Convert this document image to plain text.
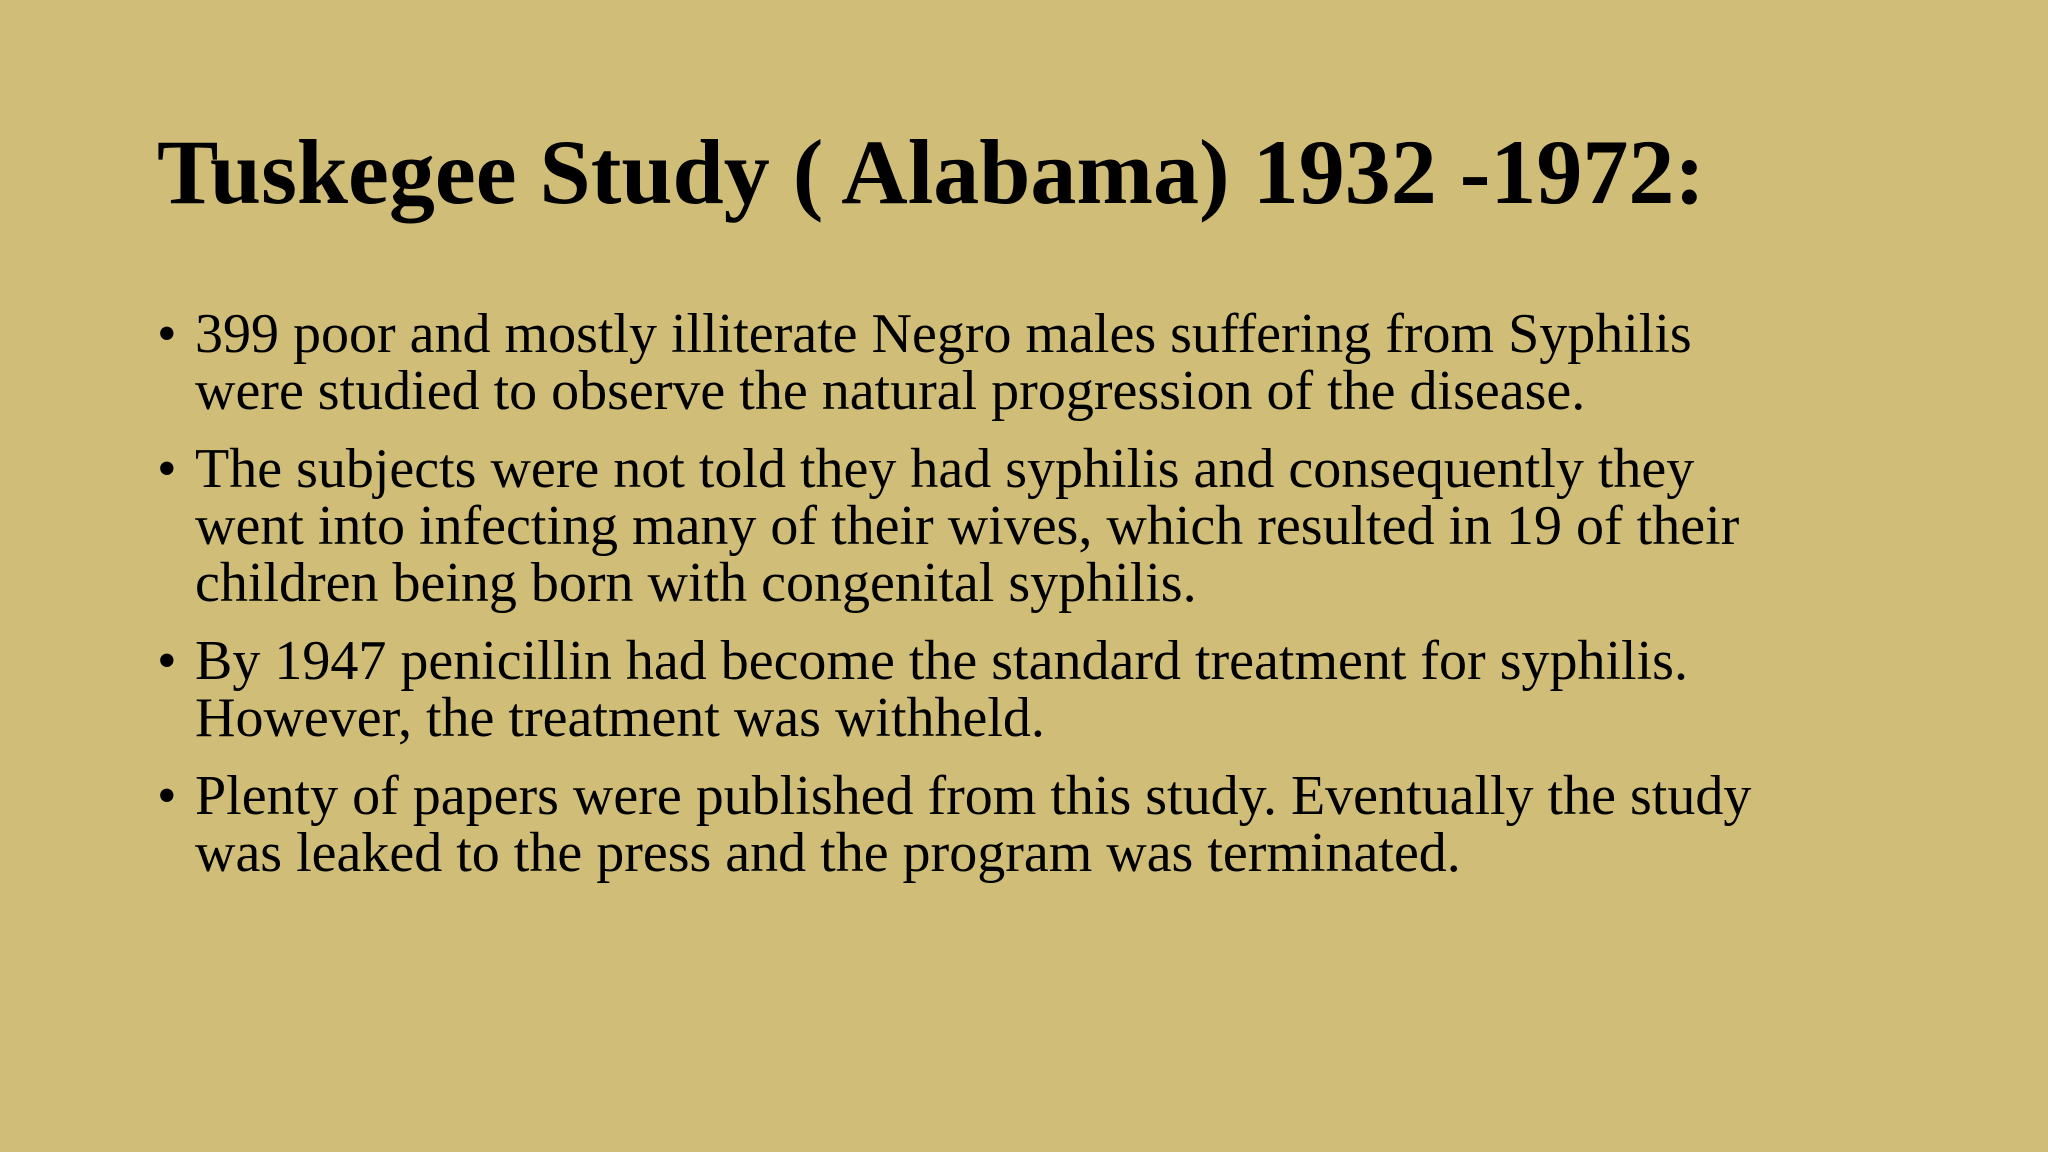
Tuskegee Study ( Alabama) 1932 -1972:
• 399 poor and mostly illiterate Negro males suffering from Syphilis were studied to observe the natural progression of the disease.
• The subjects were not told they had syphilis and consequently they went into infecting many of their wives, which resulted in 19 of their children being born with congenital syphilis.
• By 1947 penicillin had become the standard treatment for syphilis. However, the treatment was withheld.
• Plenty of papers were published from this study. Eventually the study was leaked to the press and the program was terminated.
